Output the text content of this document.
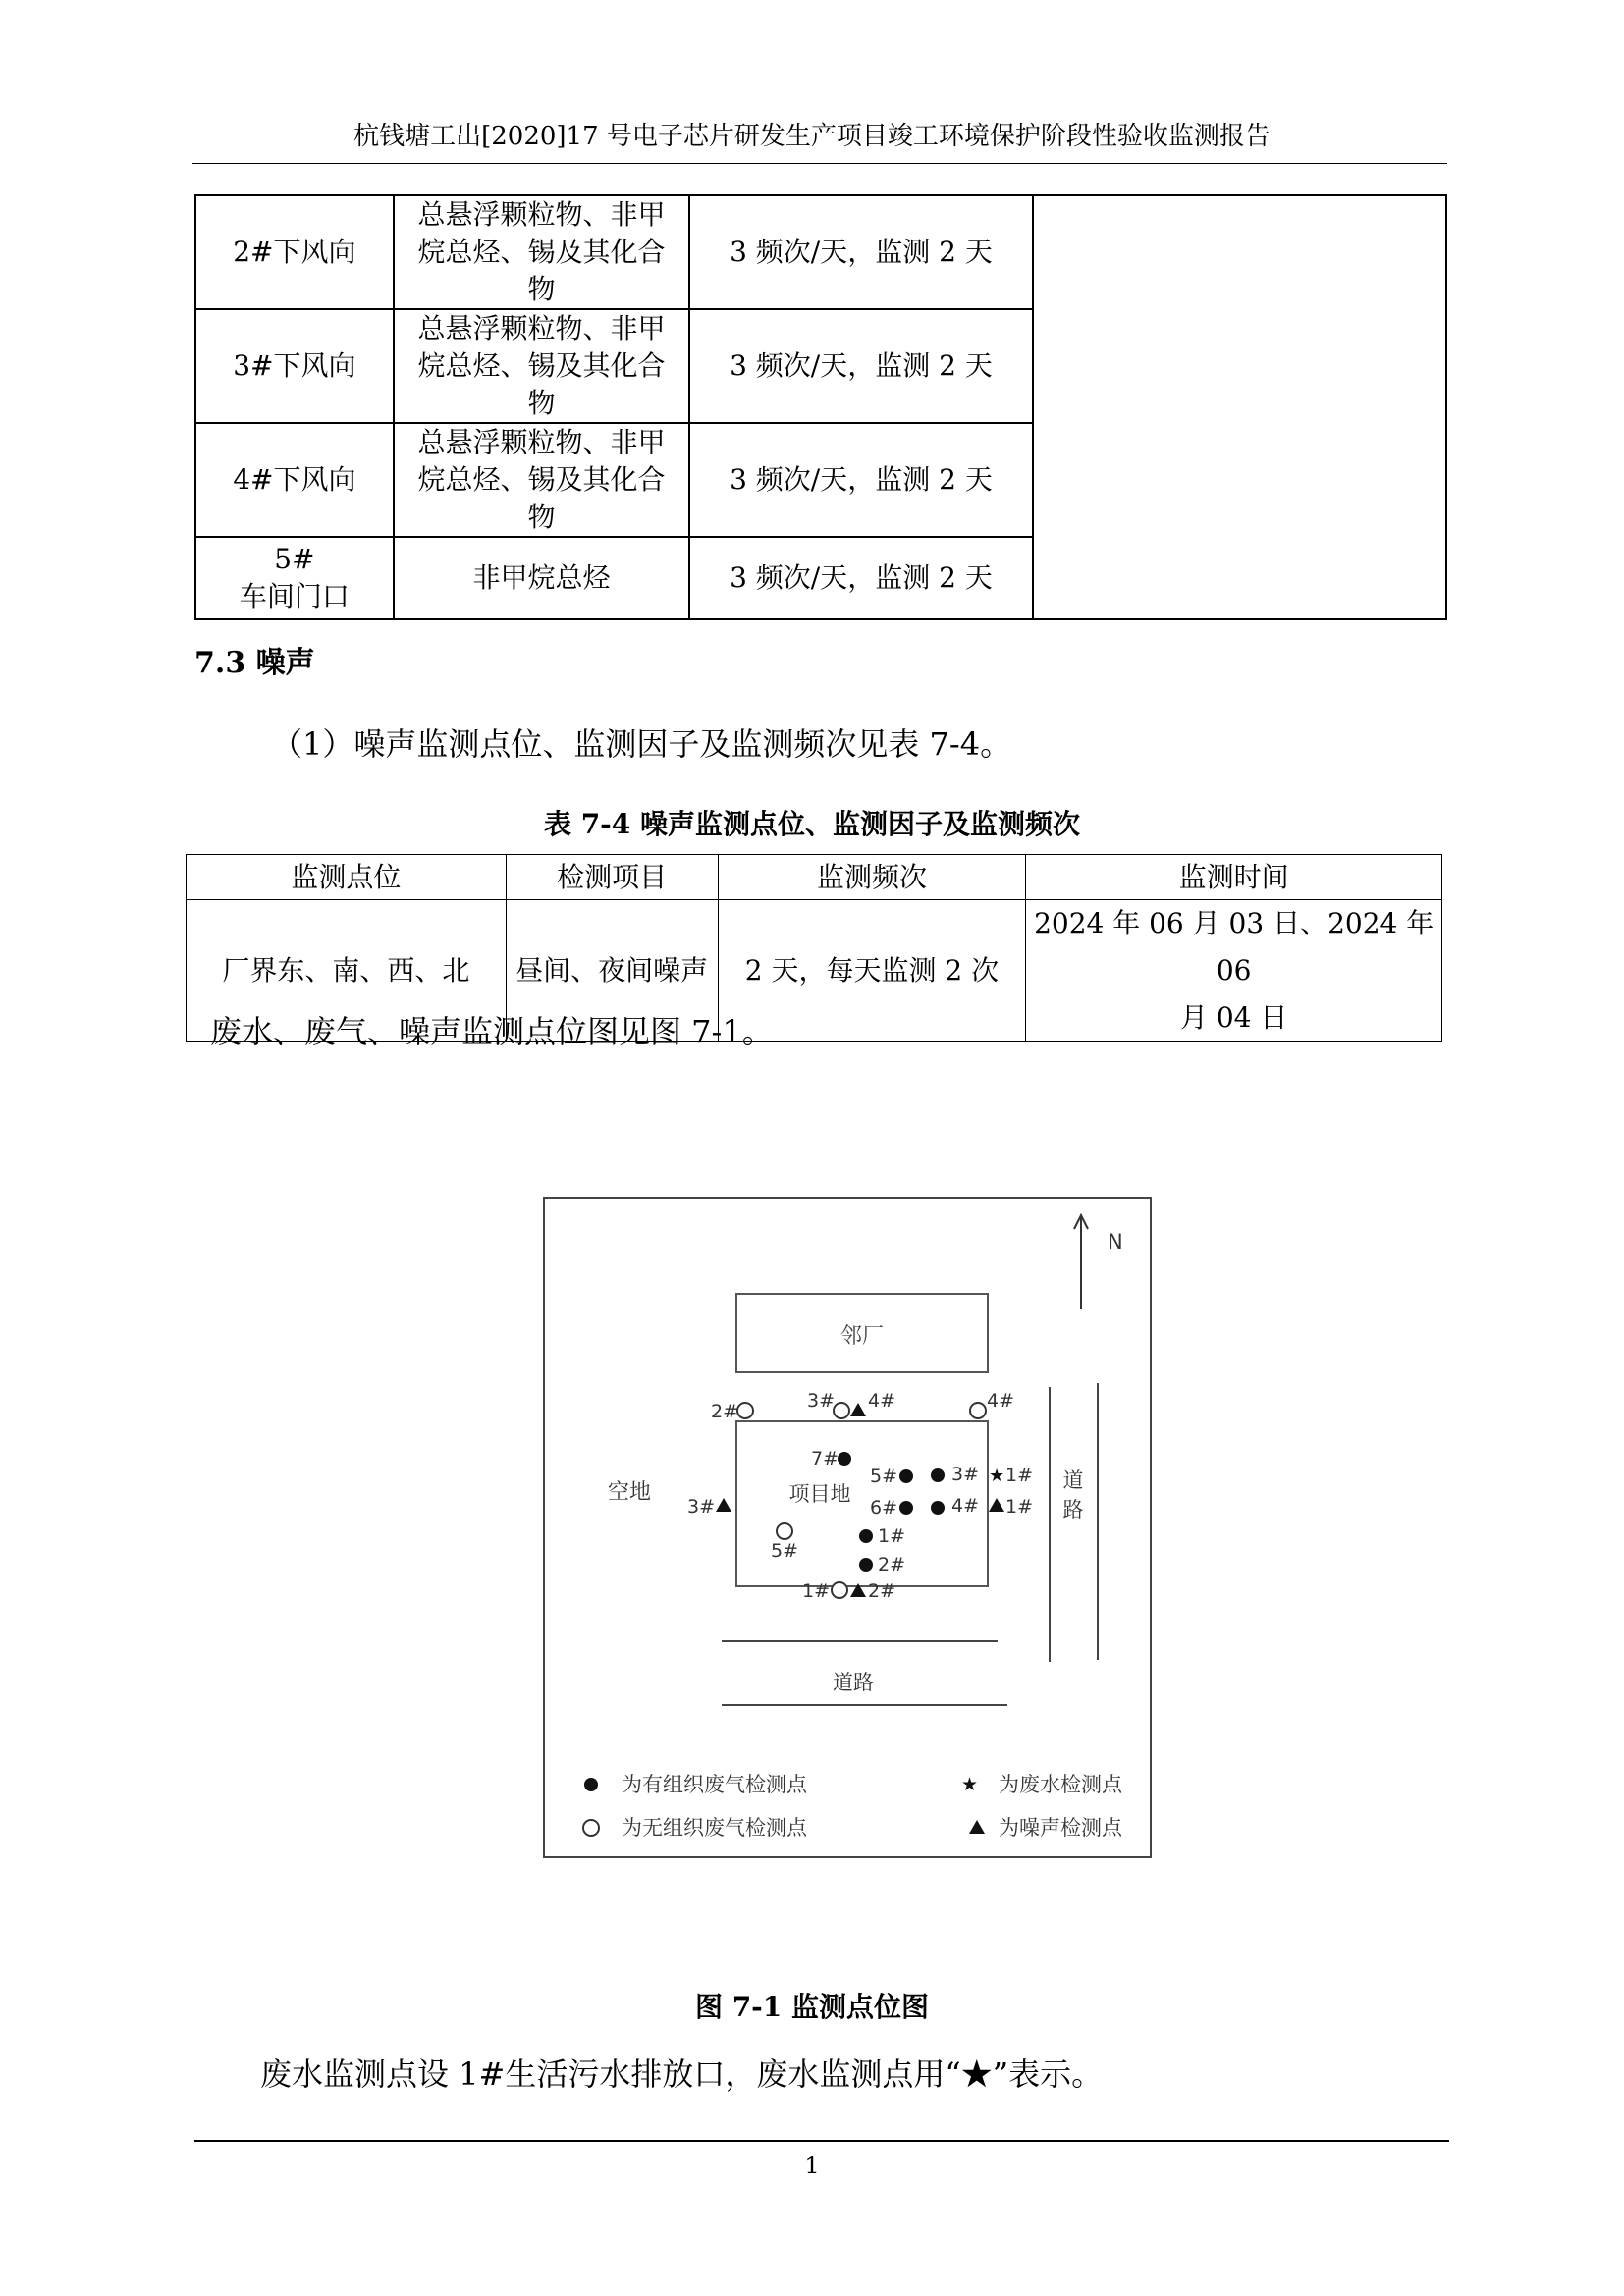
杭钱塘工出[2020]17 号电子芯片研发生产项目竣工环境保护阶段性验收监测报告
2#下风向	总悬浮颗粒物、非甲
烷总烃、锡及其化合
物	3 频次/天，监测 2 天	
3#下风向	总悬浮颗粒物、非甲
烷总烃、锡及其化合
物	3 频次/天，监测 2 天	
4#下风向	总悬浮颗粒物、非甲
烷总烃、锡及其化合
物	3 频次/天，监测 2 天	

5#
车间门口	非甲烷总烃	3 频次/天，监测 2 天	
7.3 噪声
（1）噪声监测点位、监测因子及监测频次见表 7-4。
表 7-4 噪声监测点位、监测因子及监测频次
监测点位	检测项目	监测频次	监测时间
厂界东、南、西、北	昼间、夜间噪声	2 天，每天监测 2 次	2024 年 06 月 03 日、2024 年 06
月 04 日
废水、废气、噪声监测点位图见图 7-1。
N
邻厂
项目地
空地
道路
道
路
2#	3#	4#
1#
5#
4#
3#	1#
2#
★ 1#
7#
5#	3#
6#	4#
1#
2#
为有组织废气检测点
为无组织废气检测点
★ 为废水检测点
为噪声检测点
图 7-1 监测点位图
废水监测点设 1#生活污水排放口，废水监测点用“★”表示。
1
